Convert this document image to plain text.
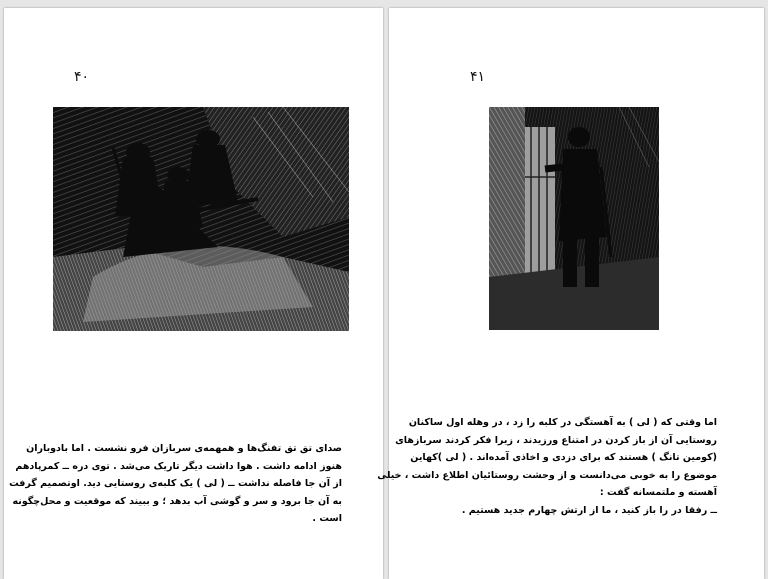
۴۰
صدای تق تق تفنگ‌ها و همهمه‌ی سربازان فرو نشست . اما بادوباران
هنوز ادامه داشت . هوا داشت دیگر تاریک می‌شد . توی دره ــ کمرپادهم
از آن جا فاصله نداشت ــ ( لی ) یک کلبه‌ی روستایی دید. اوتصمیم گرفت
به آن جا برود و سر و گوشی آب بدهد ؛ و ببیند که موقعیت و محل‌چگونه
است .
۴۱
اما وقتی که ( لی ) به آهستگی در کلبه را زد ، در وهله اول ساکنان
روستایی آن از باز کردن در امتناع ورزیدند ، زیرا فکر کردند سربازهای
(کومین تانگ ) هستند که برای دزدی و اخاذی آمده‌اند . ( لی )کهاین
موضوع را به خوبی می‌دانست و از وحشت روستائیان اطلاع داشت ، خیلی
آهسته و ملتمسانه گفت :
ــ رفقا در را باز کنید ، ما از ارتش چهارم جدید هستیم .
